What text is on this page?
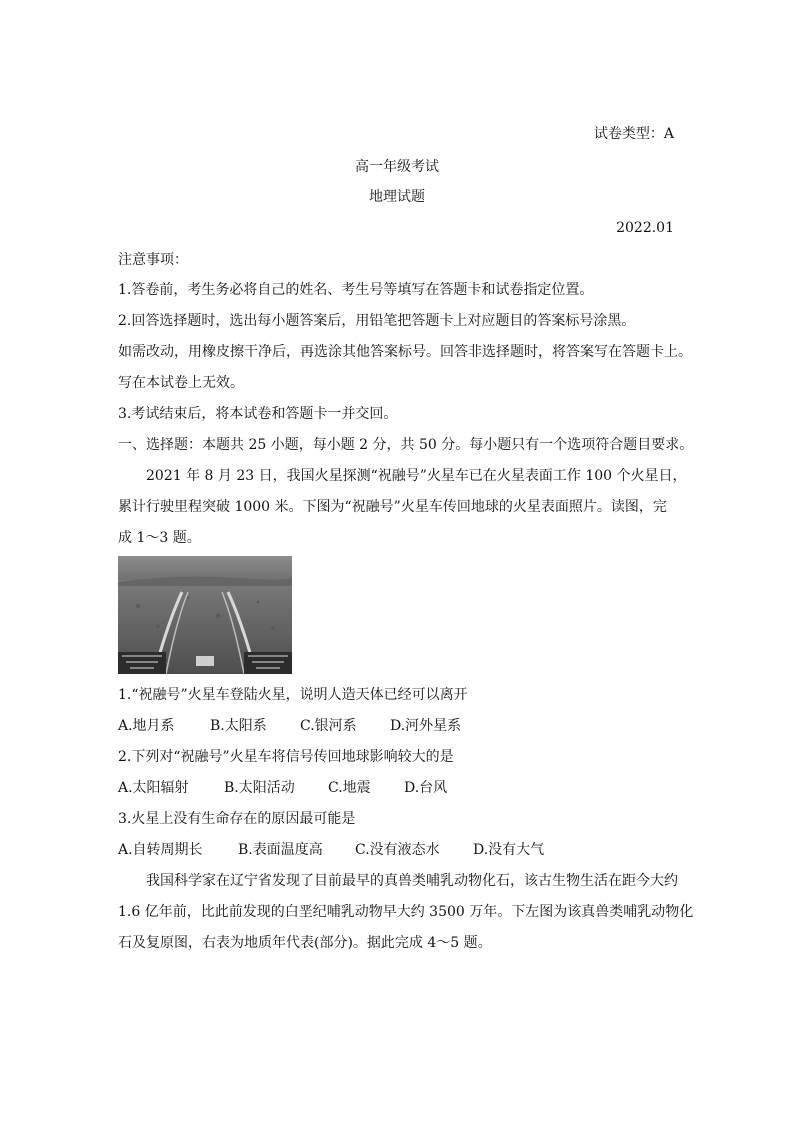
试卷类型：A
高一年级考试
地理试题
2022.01
注意事项：
1.答卷前，考生务必将自己的姓名、考生号等填写在答题卡和试卷指定位置。
2.回答选择题时，选出每小题答案后，用铅笔把答题卡上对应题目的答案标号涂黑。
如需改动，用橡皮擦干净后，再选涂其他答案标号。回答非选择题时，将答案写在答题卡上。
写在本试卷上无效。
3.考试结束后，将本试卷和答题卡一并交回。
一、选择题：本题共 25 小题，每小题 2 分，共 50 分。每小题只有一个选项符合题目要求。
2021 年 8 月 23 日，我国火星探测“祝融号”火星车已在火星表面工作 100 个火星日，
累计行驶里程突破 1000 米。下图为“祝融号”火星车传回地球的火星表面照片。读图，完
成 1～3 题。
1.“祝融号”火星车登陆火星，说明人造天体已经可以离开
A.地月系	B.太阳系 C.银河系 D.河外星系
2.下列对“祝融号”火星车将信号传回地球影响较大的是
A.太阳辐射	B.太阳活动 C.地震 D.台风
3.火星上没有生命存在的原因最可能是
A.自转周期长	B.表面温度高 C.没有液态水 D.没有大气
我国科学家在辽宁省发现了目前最早的真兽类哺乳动物化石，该古生物生活在距今大约
1.6 亿年前，比此前发现的白垩纪哺乳动物早大约 3500 万年。下左图为该真兽类哺乳动物化
石及复原图，右表为地质年代表(部分)。据此完成 4～5 题。
